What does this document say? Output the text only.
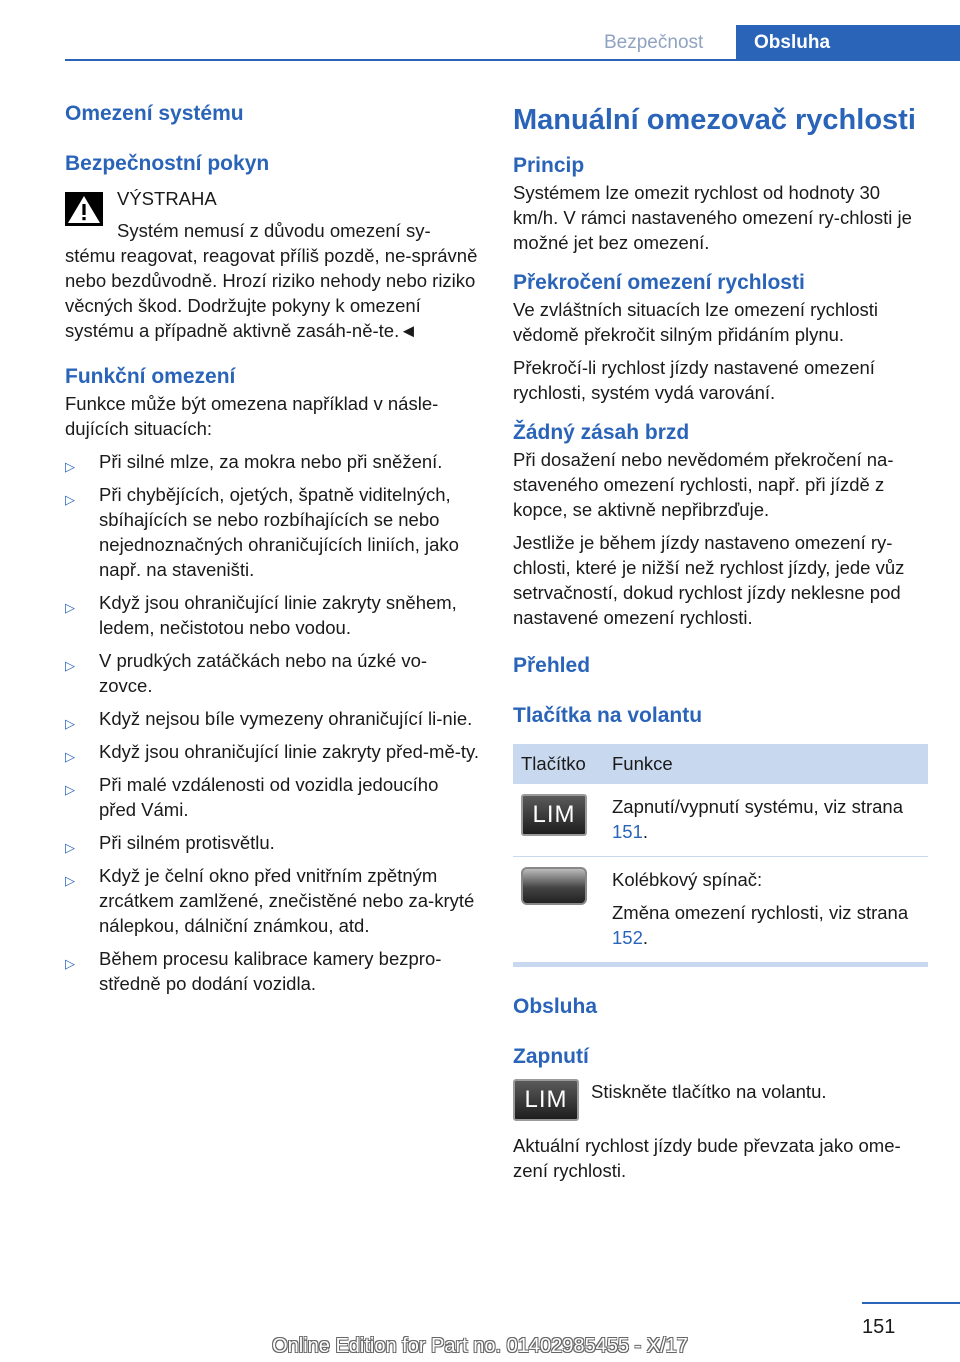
Bezpečnost	Obsluha
Omezení systému
Bezpečnostní pokyn

VÝSTRAHA

Systém nemusí z důvodu omezení sy-

stému reagovat, reagovat příliš pozdě, ne-správně nebo bezdůvodně. Hrozí riziko nehody nebo riziko věcných škod. Dodržujte pokyny k omezení systému a případně aktivně zasáh-ně-te.◄

Funkční omezení

Funkce může být omezena například v násle-dujících situacích:

▷ Při silné mlze, za mokra nebo při sněžení.
▷ Při chybějících, ojetých, špatně viditelných, sbíhajících se nebo rozbíhajících se nebo nejednoznačných ohraničujících liniích, jako např. na staveništi.
▷ Když jsou ohraničující linie zakryty sněhem, ledem, nečistotou nebo vodou.
▷ V prudkých zatáčkách nebo na úzké vo-zovce.
▷ Když nejsou bíle vymezeny ohraničující li-nie.
▷ Když jsou ohraničující linie zakryty před-mě-ty.
▷ Při malé vzdálenosti od vozidla jedoucího před Vámi.
▷ Při silném protisvětlu.
▷ Když je čelní okno před vnitřním zpětným zrcátkem zamlžené, znečistěné nebo za-kryté nálepkou, dálniční známkou, atd.
▷ Během procesu kalibrace kamery bezpro-středně po dodání vozidla.
Manuální omezovač rychlosti
Princip

Systémem lze omezit rychlost od hodnoty 30 km/h. V rámci nastaveného omezení ry-chlosti je možné jet bez omezení.

Překročení omezení rychlosti

Ve zvláštních situacích lze omezení rychlosti vědomě překročit silným přidáním plynu.

Překročí-li rychlost jízdy nastavené omezení rychlosti, systém vydá varování.

Žádný zásah brzd

Při dosažení nebo nevědomém překročení na-staveného omezení rychlosti, např. při jízdě z kopce, se aktivně nepřibrzďuje.

Jestliže je během jízdy nastaveno omezení ry-chlosti, které je nižší než rychlost jízdy, jede vůz setrvačností, dokud rychlost jízdy neklesne pod nastavené omezení rychlosti.

Přehled
Tlačítka na volantu
Tlačítko	Funkce

LIM	Zapnutí/vypnutí systému, viz strana 151.

	Kolébkový spínač:
Změna omezení rychlosti, viz strana 152.
Obsluha
Zapnutí
LIM	Stiskněte tlačítko na volantu.

Aktuální rychlost jízdy bude převzata jako ome-zení rychlosti.

151
Online Edition for Part no. 01402985455 - X/17
